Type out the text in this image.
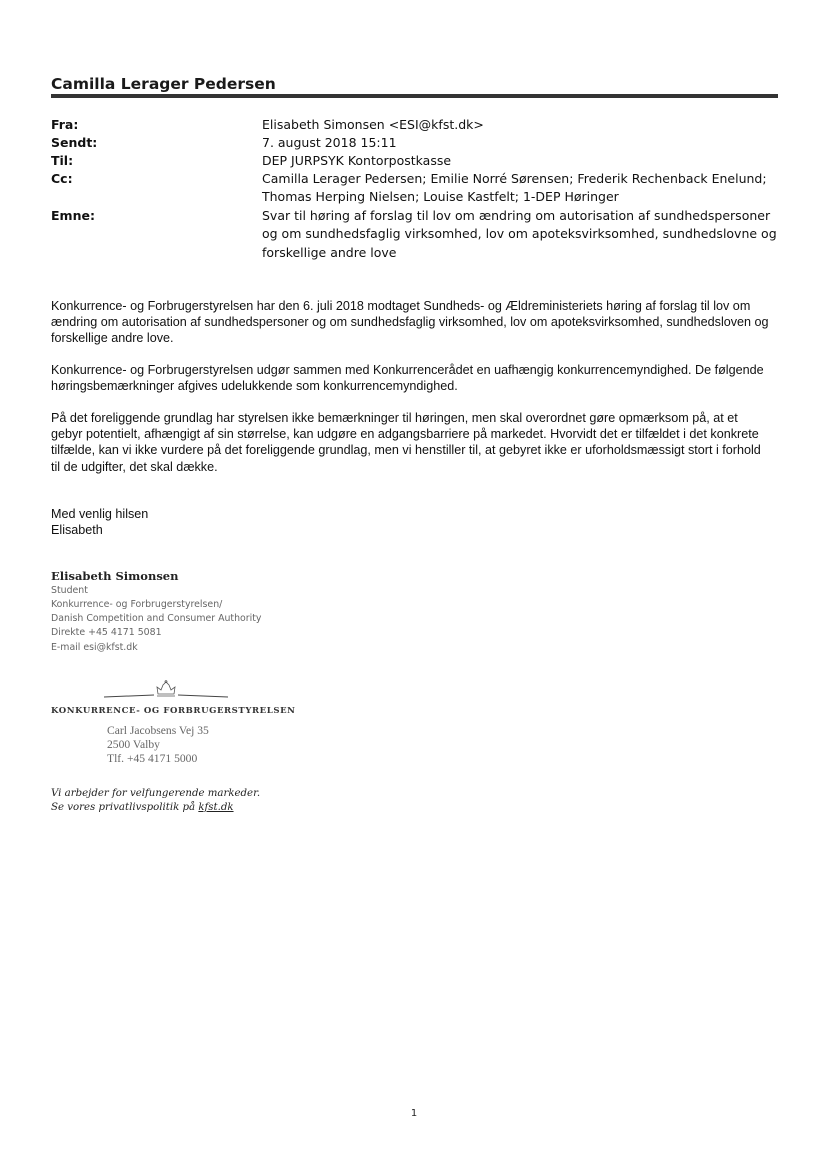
Camilla Lerager Pedersen
Fra:	Elisabeth Simonsen <ESI@kfst.dk>
Sendt:	7. august 2018 15:11
Til:	DEP JURPSYK Kontorpostkasse
Cc:	Camilla Lerager Pedersen; Emilie Norré Sørensen; Frederik Rechenback Enelund; Thomas Herping Nielsen; Louise Kastfelt; 1-DEP Høringer
Emne:	Svar til høring af forslag til lov om ændring om autorisation af sundhedspersoner og om sundhedsfaglig virksomhed, lov om apoteksvirksomhed, sundhedslovne og forskellige andre love
Konkurrence- og Forbrugerstyrelsen har den 6. juli 2018 modtaget Sundheds- og Ældreministeriets høring af forslag til lov om ændring om autorisation af sundhedspersoner og om sundhedsfaglig virksomhed, lov om apoteksvirksomhed, sundhedsloven og forskellige andre love.
Konkurrence- og Forbrugerstyrelsen udgør sammen med Konkurrencerådet en uafhængig konkurrencemyndighed. De følgende høringsbemærkninger afgives udelukkende som konkurrencemyndighed.
På det foreliggende grundlag har styrelsen ikke bemærkninger til høringen, men skal overordnet gøre opmærksom på, at et gebyr potentielt, afhængigt af sin størrelse, kan udgøre en adgangsbarriere på markedet. Hvorvidt det er tilfældet i det konkrete tilfælde, kan vi ikke vurdere på det foreliggende grundlag, men vi henstiller til, at gebyret ikke er uforholdsmæssigt stort i forhold til de udgifter, det skal dække.
Med venlig hilsen
Elisabeth
Elisabeth Simonsen
Student
Konkurrence- og Forbrugerstyrelsen/
Danish Competition and Consumer Authority
Direkte +45 4171 5081
E-mail esi@kfst.dk
KONKURRENCE- OG FORBRUGERSTYRELSEN
Carl Jacobsens Vej 35
2500 Valby
Tlf. +45 4171 5000
Vi arbejder for velfungerende markeder.
Se vores privatlivspolitik på kfst.dk
1
